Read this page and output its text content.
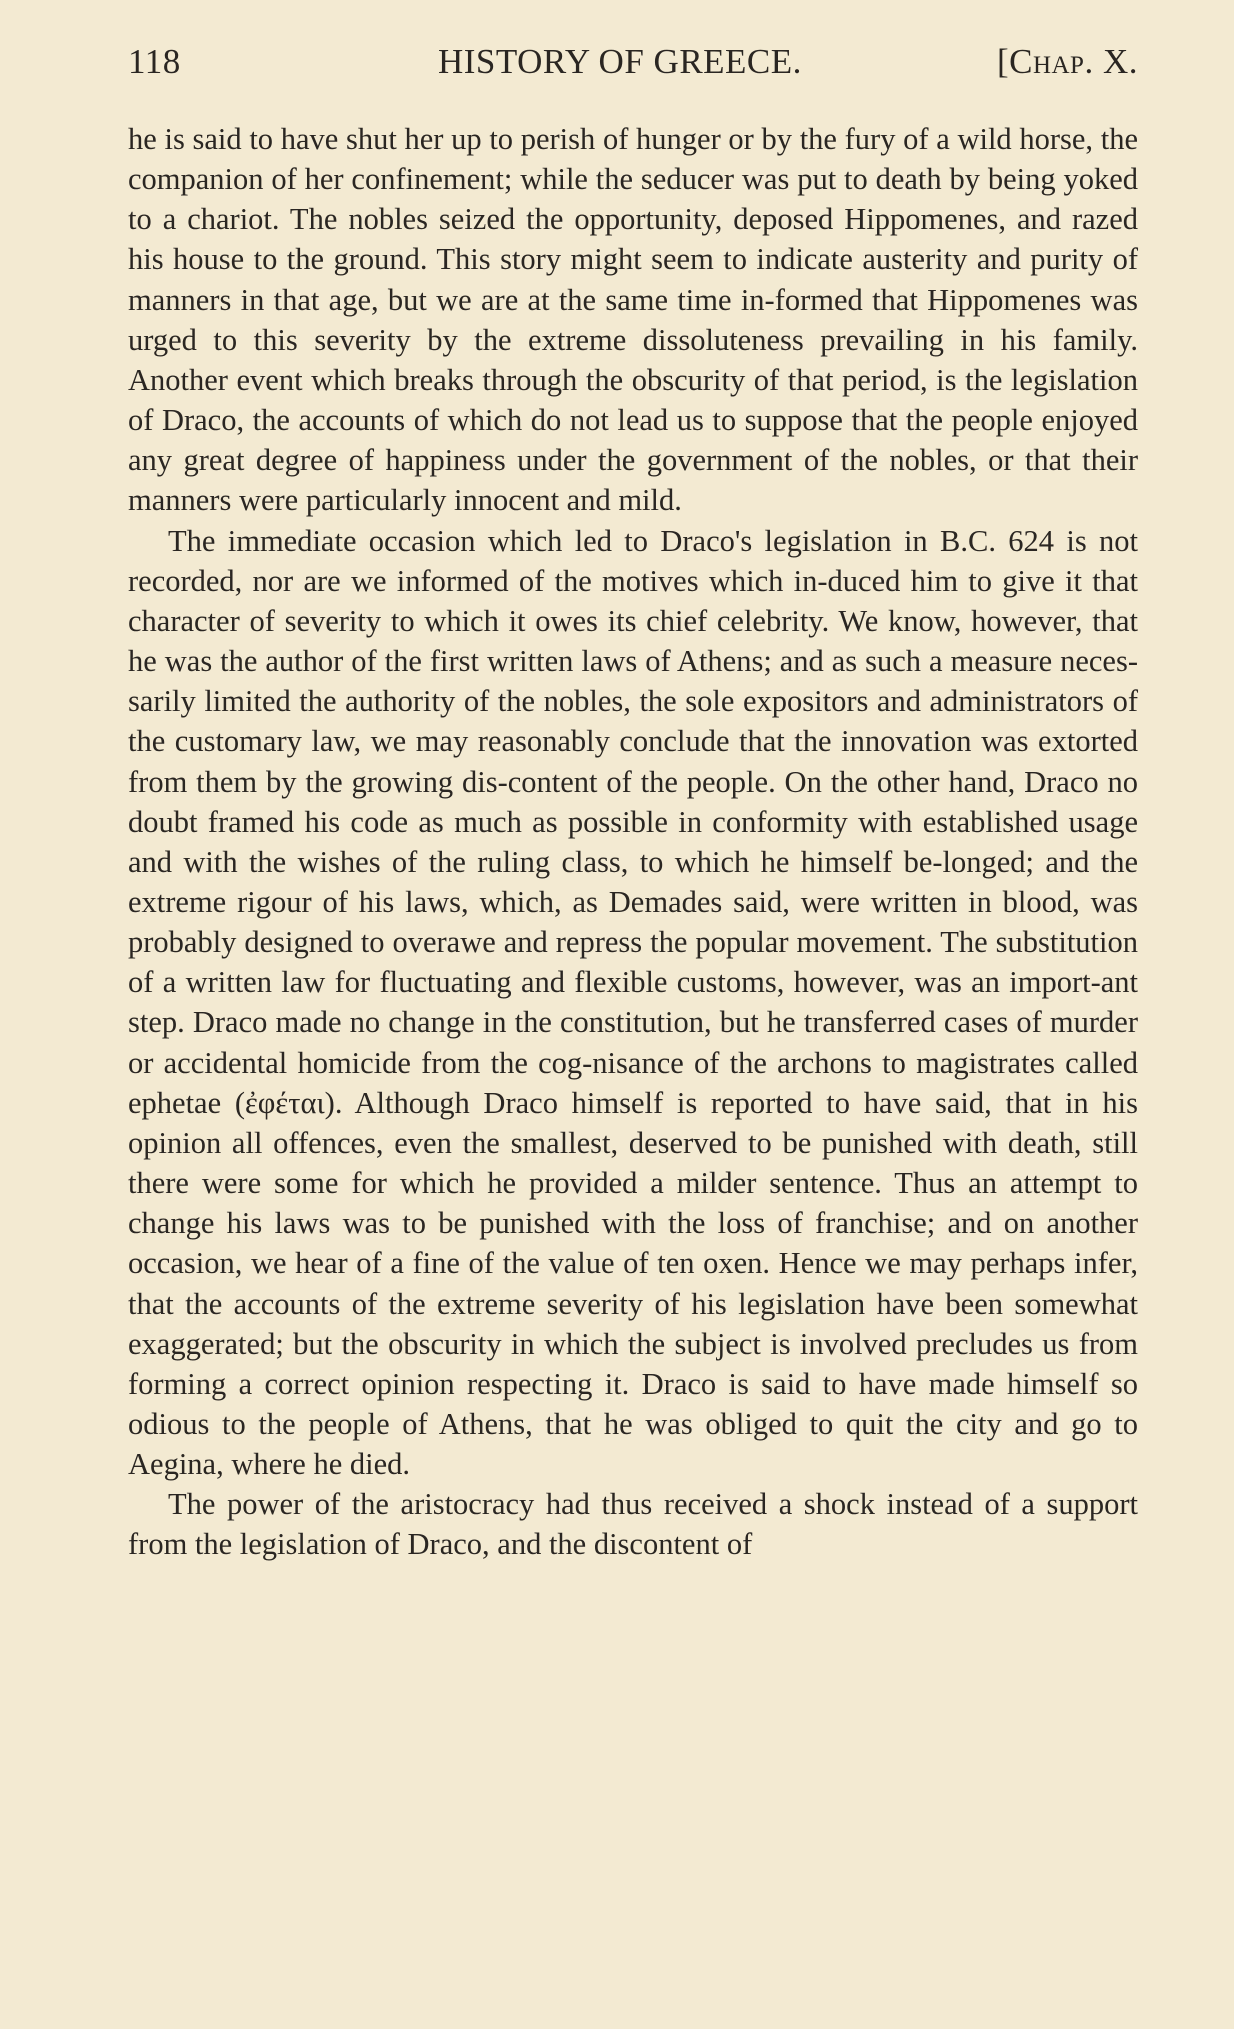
118	HISTORY OF GREECE.	[Chap. X.

he is said to have shut her up to perish of hunger or by the fury of a wild horse, the companion of her confinement; while the seducer was put to death by being yoked to a chariot. The nobles seized the opportunity, deposed Hippomenes, and razed his house to the ground. This story might seem to indicate austerity and purity of manners in that age, but we are at the same time in-formed that Hippomenes was urged to this severity by the extreme dissoluteness prevailing in his family. Another event which breaks through the obscurity of that period, is the legislation of Draco, the accounts of which do not lead us to suppose that the people enjoyed any great degree of happiness under the government of the nobles, or that their manners were particularly innocent and mild.

The immediate occasion which led to Draco's legislation in B.C. 624 is not recorded, nor are we informed of the motives which in-duced him to give it that character of severity to which it owes its chief celebrity. We know, however, that he was the author of the first written laws of Athens; and as such a measure neces-sarily limited the authority of the nobles, the sole expositors and administrators of the customary law, we may reasonably conclude that the innovation was extorted from them by the growing dis-content of the people. On the other hand, Draco no doubt framed his code as much as possible in conformity with established usage and with the wishes of the ruling class, to which he himself be-longed; and the extreme rigour of his laws, which, as Demades said, were written in blood, was probably designed to overawe and repress the popular movement. The substitution of a written law for fluctuating and flexible customs, however, was an import-ant step. Draco made no change in the constitution, but he transferred cases of murder or accidental homicide from the cog-nisance of the archons to magistrates called ephetae (ἐφέται). Although Draco himself is reported to have said, that in his opinion all offences, even the smallest, deserved to be punished with death, still there were some for which he provided a milder sentence. Thus an attempt to change his laws was to be punished with the loss of franchise; and on another occasion, we hear of a fine of the value of ten oxen. Hence we may perhaps infer, that the accounts of the extreme severity of his legislation have been somewhat exaggerated; but the obscurity in which the subject is involved precludes us from forming a correct opinion respecting it. Draco is said to have made himself so odious to the people of Athens, that he was obliged to quit the city and go to Aegina, where he died.

The power of the aristocracy had thus received a shock instead of a support from the legislation of Draco, and the discontent of
